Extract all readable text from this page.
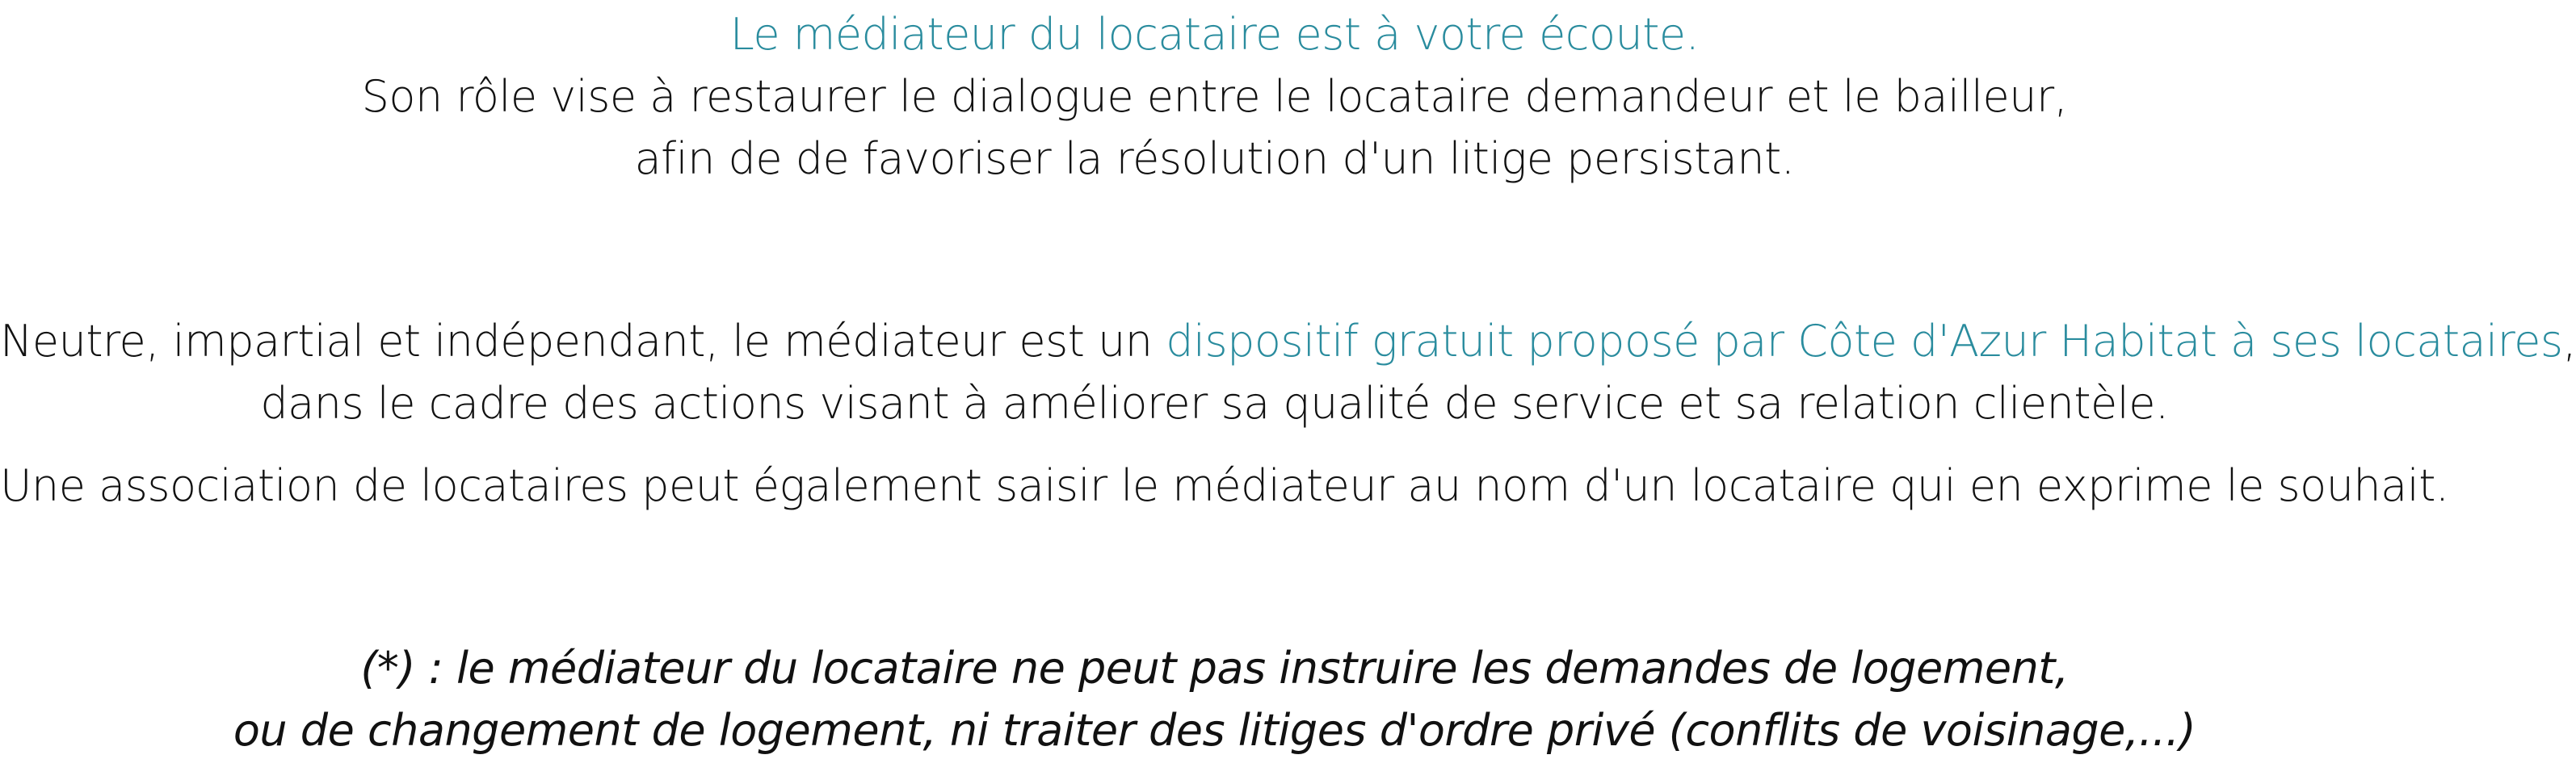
Le médiateur du locataire est à votre écoute.
Son rôle vise à restaurer le dialogue entre le locataire demandeur et le bailleur,
afin de de favoriser la résolution d'un litige persistant.
Neutre, impartial et indépendant, le médiateur est un dispositif gratuit proposé par Côte d'Azur Habitat à ses locataires,
dans le cadre des actions visant à améliorer sa qualité de service et sa relation clientèle.
Une association de locataires peut également saisir le médiateur au nom d'un locataire qui en exprime le souhait.
(*) : le médiateur du locataire ne peut pas instruire les demandes de logement,
ou de changement de logement, ni traiter des litiges d'ordre privé (conflits de voisinage,...)
